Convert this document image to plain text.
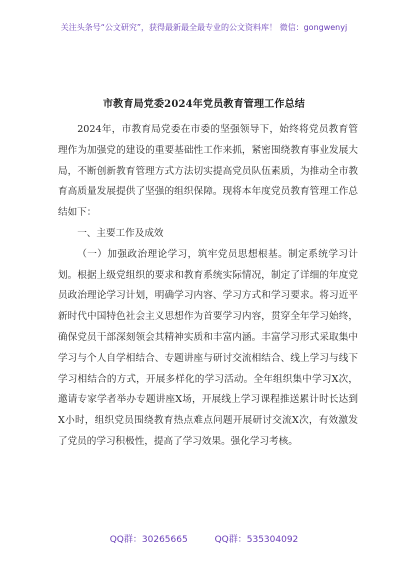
关注头条号“公文研究”，获得最新最全最专业的公文资料库！ 微信：gongwenyj
市教育局党委2024年党员教育管理工作总结

2024年，市教育局党委在市委的坚强领导下，始终将党员教育管理作为加强党的建设的重要基础性工作来抓，紧密围绕教育事业发展大局，不断创新教育管理方式方法切实提高党员队伍素质，为推动全市教育高质量发展提供了坚强的组织保障。现将本年度党员教育管理工作总结如下：

一、主要工作及成效

（一）加强政治理论学习，筑牢党员思想根基。制定系统学习计划。根据上级党组织的要求和教育系统实际情况，制定了详细的年度党员政治理论学习计划，明确学习内容、学习方式和学习要求。将习近平新时代中国特色社会主义思想作为首要学习内容，贯穿全年学习始终，确保党员干部深刻领会其精神实质和丰富内涵。丰富学习形式采取集中学习与个人自学相结合、专题讲座与研讨交流相结合、线上学习与线下学习相结合的方式，开展多样化的学习活动。全年组织集中学习X次，邀请专家学者举办专题讲座X场，开展线上学习课程推送累计时长达到X小时，组织党员围绕教育热点难点问题开展研讨交流X次，有效激发了党员的学习积极性，提高了学习效果。强化学习考核。

QQ群：30265665	QQ群：535304092
